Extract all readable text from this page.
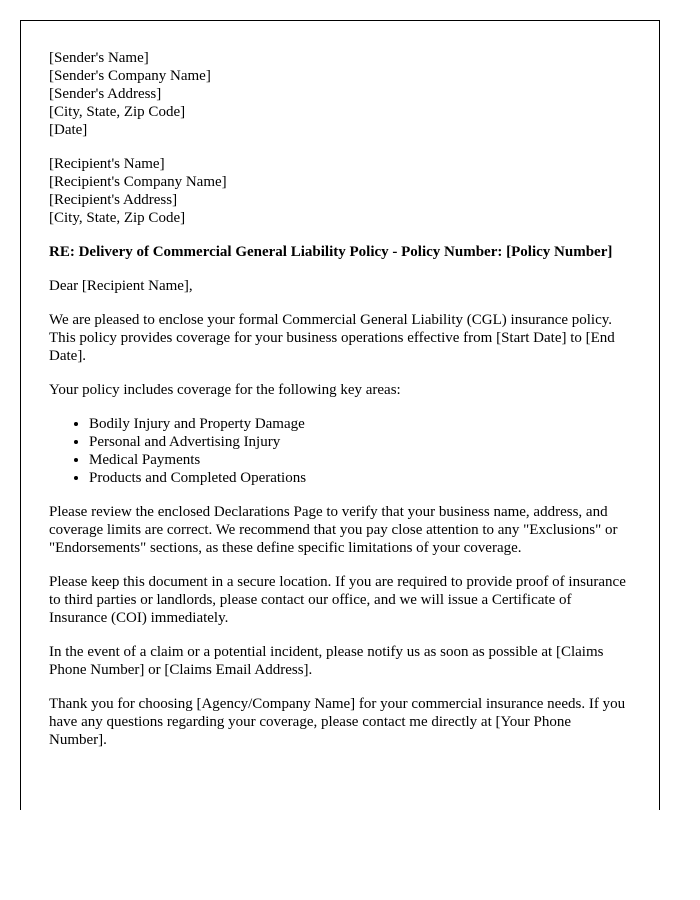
[Sender's Name]
[Sender's Company Name]
[Sender's Address]
[City, State, Zip Code]
[Date]
[Recipient's Name]
[Recipient's Company Name]
[Recipient's Address]
[City, State, Zip Code]
RE: Delivery of Commercial General Liability Policy - Policy Number: [Policy Number]

Dear [Recipient Name],

We are pleased to enclose your formal Commercial General Liability (CGL) insurance policy. This policy provides coverage for your business operations effective from [Start Date] to [End Date].

Your policy includes coverage for the following key areas:

• Bodily Injury and Property Damage
• Personal and Advertising Injury
• Medical Payments
• Products and Completed Operations

Please review the enclosed Declarations Page to verify that your business name, address, and coverage limits are correct. We recommend that you pay close attention to any "Exclusions" or "Endorsements" sections, as these define specific limitations of your coverage.

Please keep this document in a secure location. If you are required to provide proof of insurance to third parties or landlords, please contact our office, and we will issue a Certificate of Insurance (COI) immediately.

In the event of a claim or a potential incident, please notify us as soon as possible at [Claims Phone Number] or [Claims Email Address].

Thank you for choosing [Agency/Company Name] for your commercial insurance needs. If you have any questions regarding your coverage, please contact me directly at [Your Phone Number].
